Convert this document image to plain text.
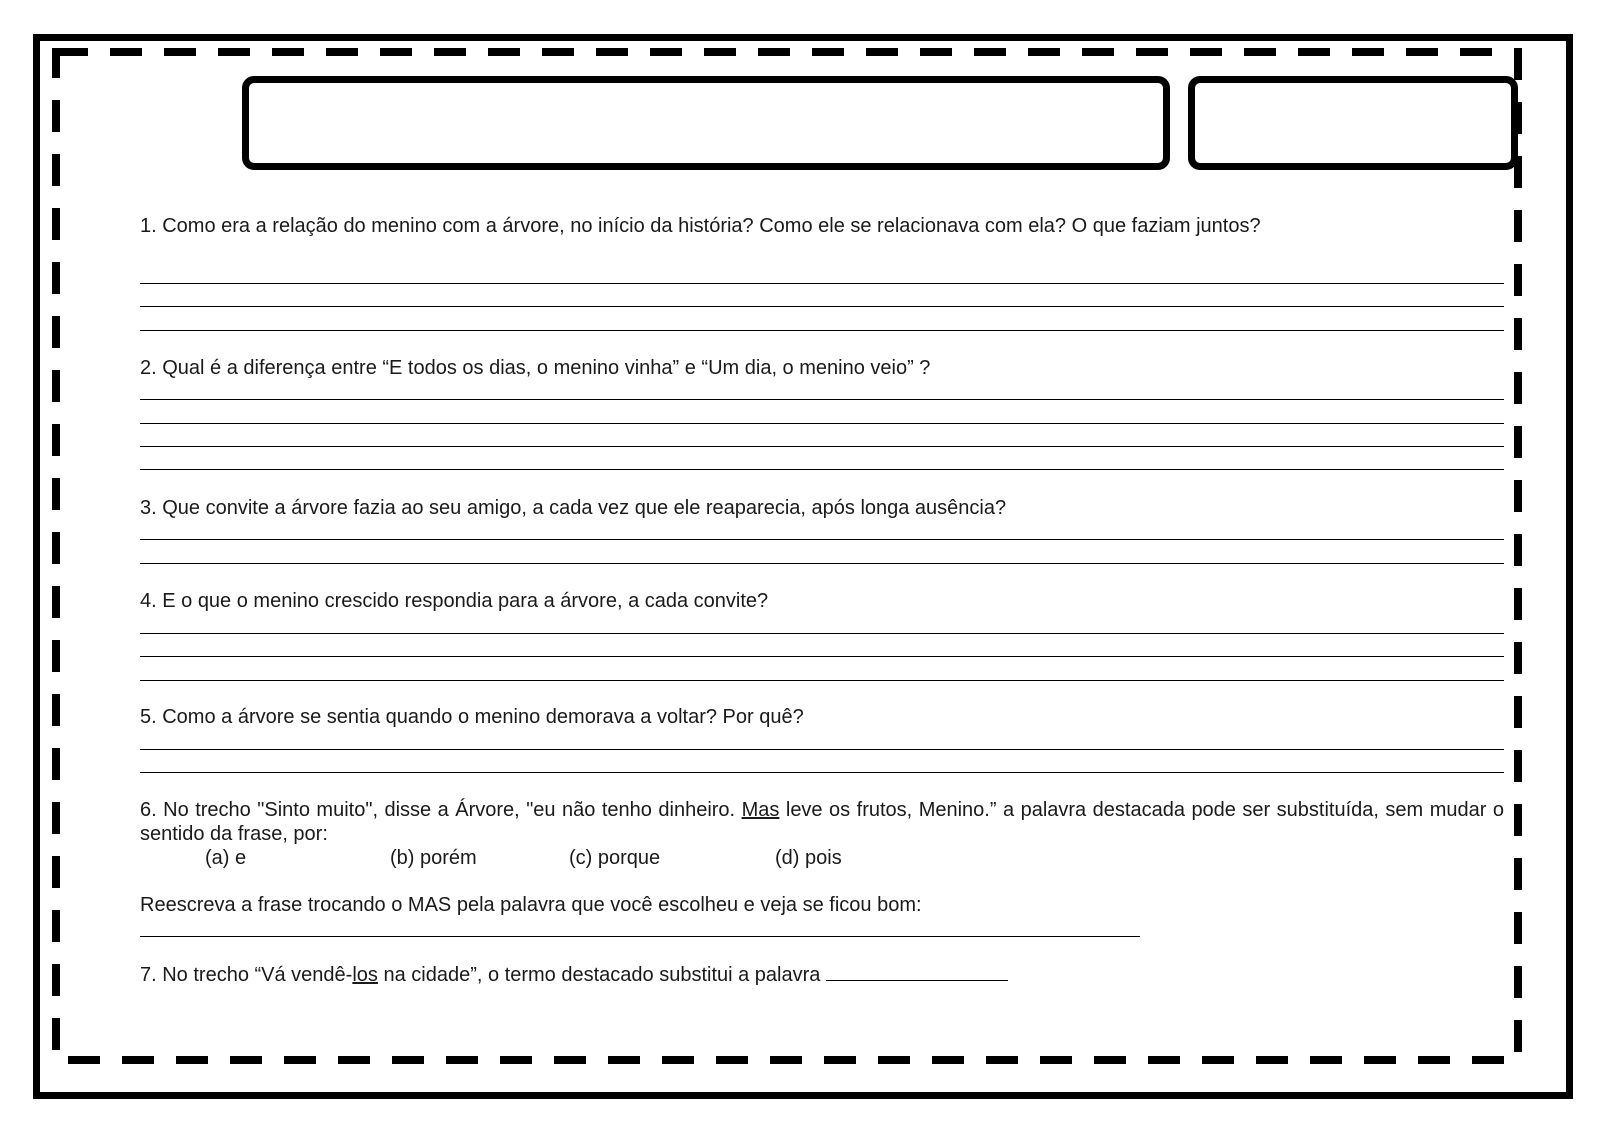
1. Como era a relação do menino com a árvore, no início da história? Como ele se relacionava com ela? O que faziam juntos?
2. Qual é a diferença entre “E todos os dias, o menino vinha” e “Um dia, o menino veio” ?
3. Que convite a árvore fazia ao seu amigo, a cada vez que ele reaparecia, após longa ausência?
4. E o que o menino crescido respondia para a árvore, a cada convite?
5. Como a árvore se sentia quando o menino demorava a voltar? Por quê?
6. No trecho "Sinto muito", disse a Árvore, "eu não tenho dinheiro. Mas leve os frutos, Menino.” a palavra destacada pode ser substituída, sem mudar o sentido da frase, por:
(a) e	(b) porém	(c) porque	(d) pois
Reescreva a frase trocando o MAS pela palavra que você escolheu e veja se ficou bom:
7. No trecho “Vá vendê-los na cidade”, o termo destacado substitui a palavra
